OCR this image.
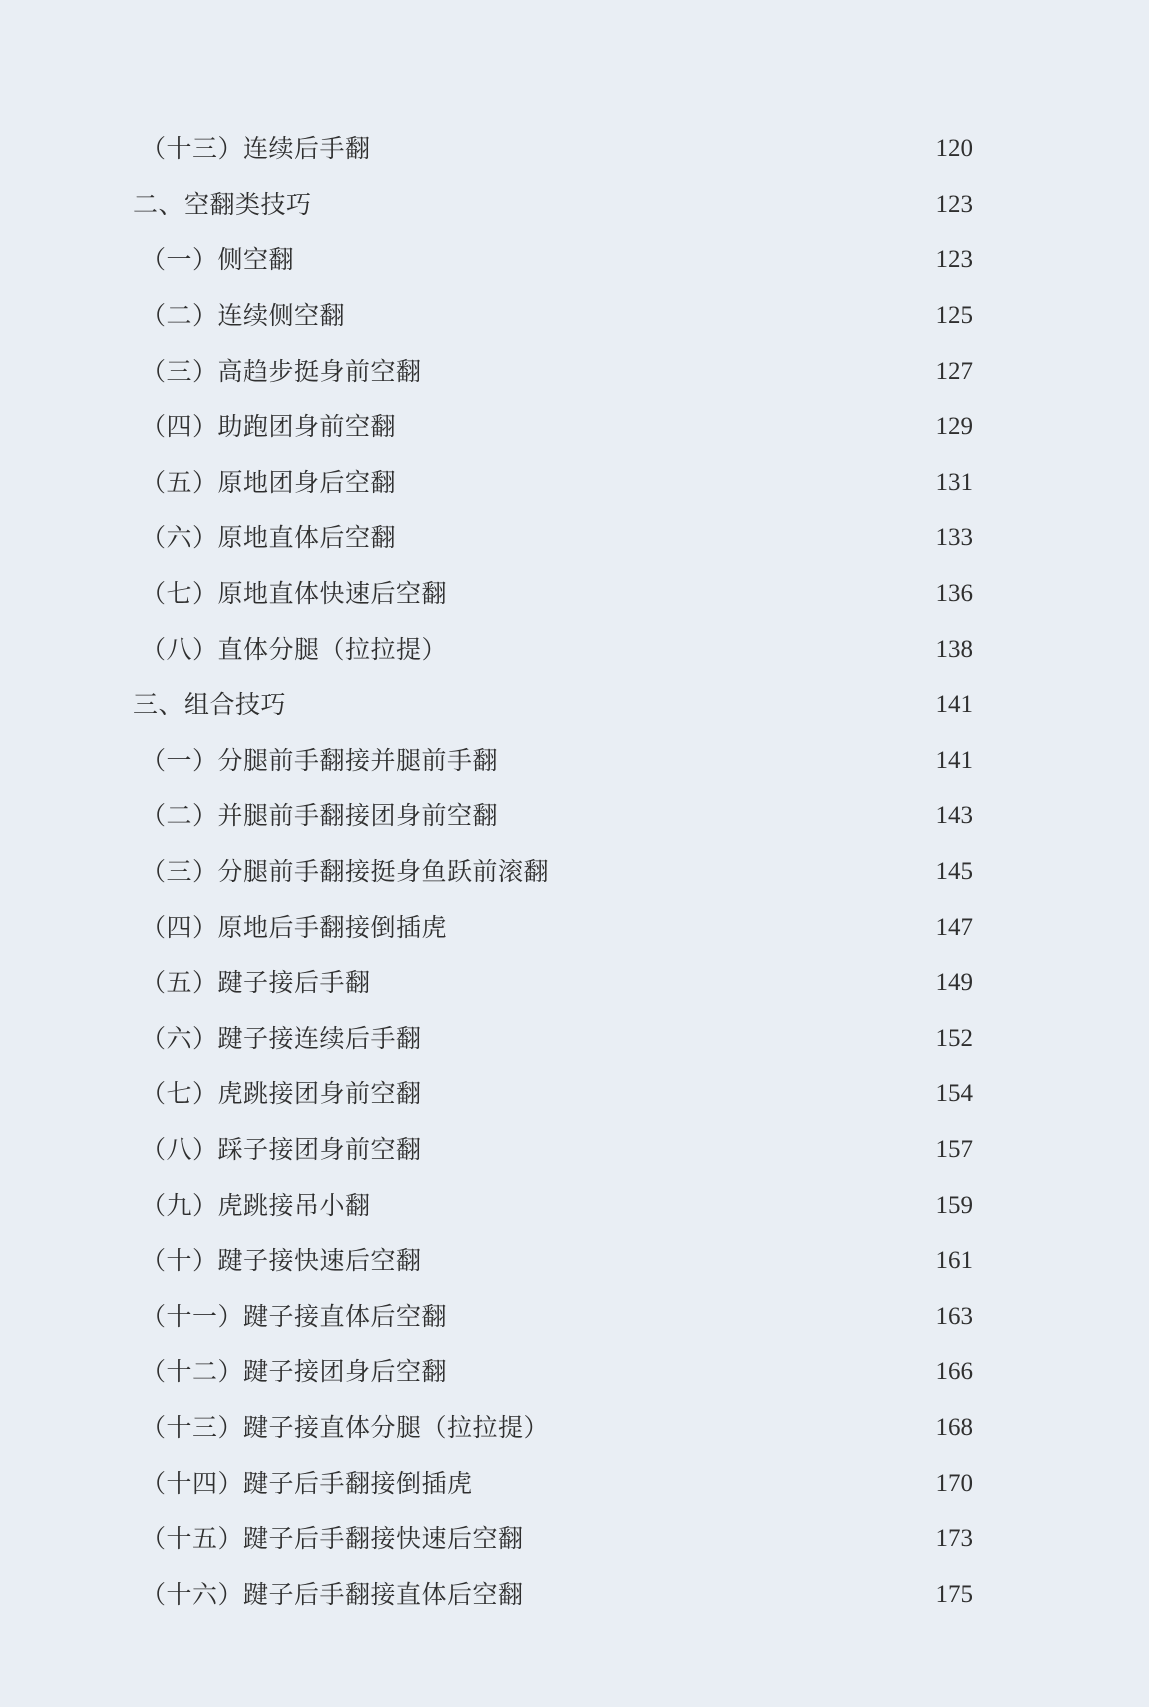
（十三）连续后手翻	120
二、空翻类技巧	123
（一）侧空翻	123
（二）连续侧空翻	125
（三）高趋步挺身前空翻	127
（四）助跑团身前空翻	129
（五）原地团身后空翻	131
（六）原地直体后空翻	133
（七）原地直体快速后空翻	136
（八）直体分腿（拉拉提）	138
三、组合技巧	141
（一）分腿前手翻接并腿前手翻	141
（二）并腿前手翻接团身前空翻	143
（三）分腿前手翻接挺身鱼跃前滚翻	145
（四）原地后手翻接倒插虎	147
（五）踺子接后手翻	149
（六）踺子接连续后手翻	152
（七）虎跳接团身前空翻	154
（八）踩子接团身前空翻	157
（九）虎跳接吊小翻	159
（十）踺子接快速后空翻	161
（十一）踺子接直体后空翻	163
（十二）踺子接团身后空翻	166
（十三）踺子接直体分腿（拉拉提）	168
（十四）踺子后手翻接倒插虎	170
（十五）踺子后手翻接快速后空翻	173
（十六）踺子后手翻接直体后空翻	175
